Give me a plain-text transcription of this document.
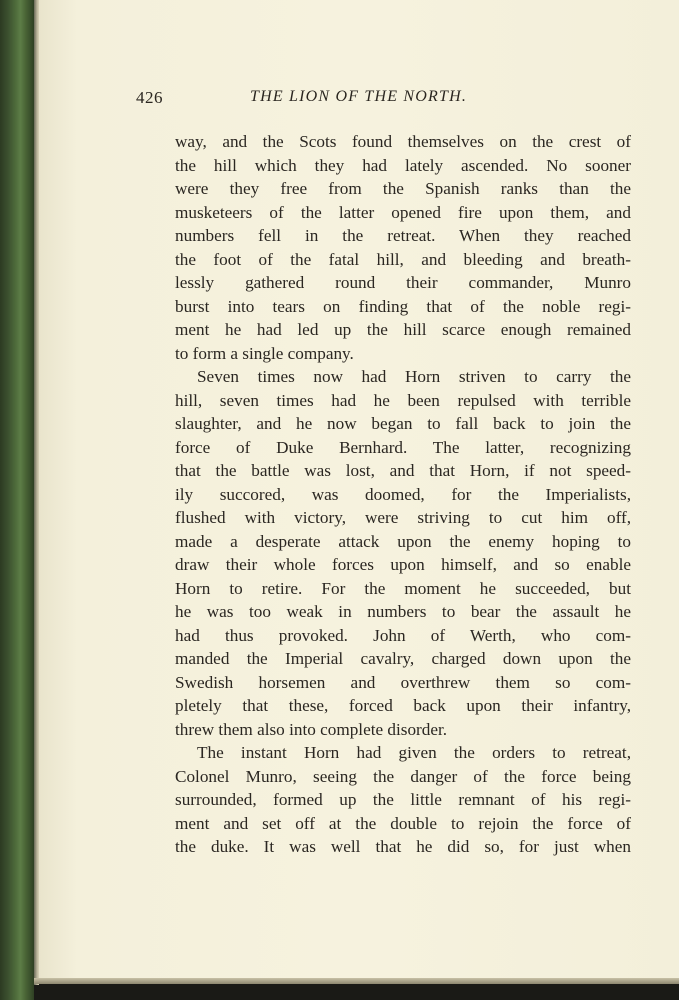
426	THE LION OF THE NORTH.
way, and the Scots found themselves on the crest of
the hill which they had lately ascended. No sooner
were they free from the Spanish ranks than the
musketeers of the latter opened fire upon them, and
numbers fell in the retreat. When they reached
the foot of the fatal hill, and bleeding and breath-
lessly gathered round their commander, Munro
burst into tears on finding that of the noble regi-
ment he had led up the hill scarce enough remained
to form a single company.
Seven times now had Horn striven to carry the
hill, seven times had he been repulsed with terrible
slaughter, and he now began to fall back to join the
force of Duke Bernhard. The latter, recognizing
that the battle was lost, and that Horn, if not speed-
ily succored, was doomed, for the Imperialists,
flushed with victory, were striving to cut him off,
made a desperate attack upon the enemy hoping to
draw their whole forces upon himself, and so enable
Horn to retire. For the moment he succeeded, but
he was too weak in numbers to bear the assault he
had thus provoked. John of Werth, who com-
manded the Imperial cavalry, charged down upon the
Swedish horsemen and overthrew them so com-
pletely that these, forced back upon their infantry,
threw them also into complete disorder.
The instant Horn had given the orders to retreat,
Colonel Munro, seeing the danger of the force being
surrounded, formed up the little remnant of his regi-
ment and set off at the double to rejoin the force of
the duke. It was well that he did so, for just when
